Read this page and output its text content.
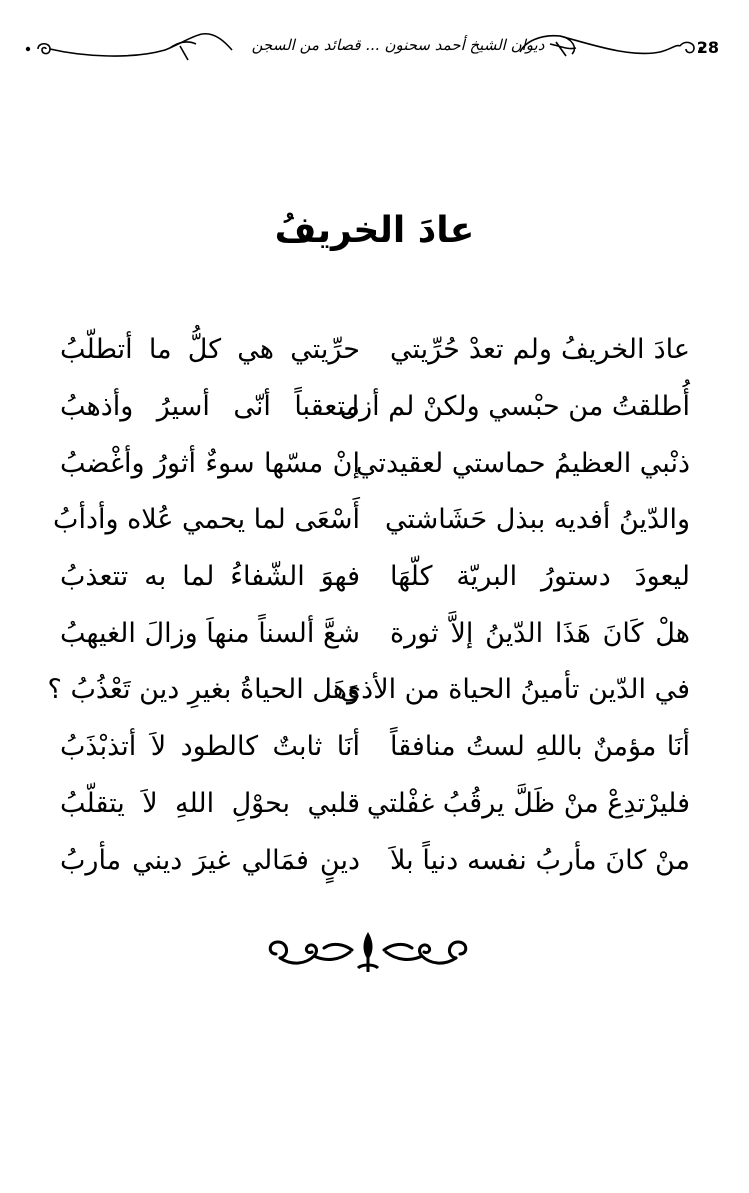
28
ديوان الشيخ أحمد سحنون ... قصائد من السجن
عادَ الخريفُ
عادَ الخريفُ ولم تعدْ حُرِّيتي
حرِّيتي هي كلُّ ما أتطلّبُ
أُطلقتُ من حبْسي ولكنْ لم أزل
متعقباً أنّى أسيرُ وأذهبُ
ذنْبي العظيمُ حماستي لعقيدتي
إنْ مسّها سوءٌ أثورُ وأغْضبُ
والدّينُ أفديه ببذل حَشَاشتي
أَسْعَى لما يحمي عُلاه وأدأبُ
ليعودَ دستورُ البريّة كلّهَا
فهوَ الشّفاءُ لما به تتعذبُ
هلْ كَانَ هَذَا الدّينُ إلاَّ ثورة
شعَّ ألسناً منهاَ وزالَ الغيهبُ
في الدّين تأمينُ الحياة من الأذى
وَهَل الحياةُ بغيرِ دين تَعْذُبُ ؟
أنَا مؤمنٌ باللهِ لستُ منافقاً
أنَا ثابتٌ كالطود لاَ أتذبْذَبُ
فليرْتدِعْ منْ ظَلَّ يرقُبُ غفْلتي
قلبي بحوْلِ اللهِ لاَ يتقلّبُ
منْ كانَ مأربُ نفسه دنياً بلاَ
دينٍ فمَالي غيرَ ديني مأربُ
